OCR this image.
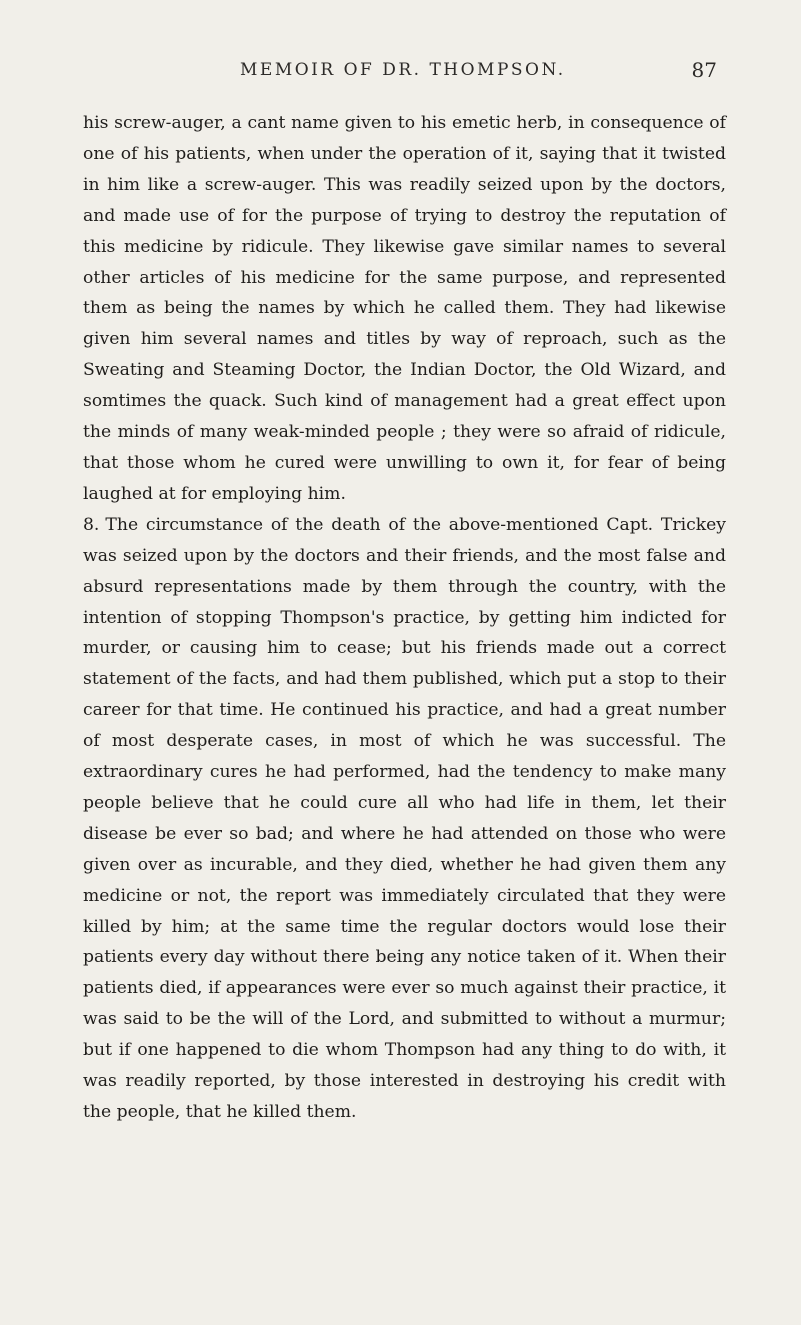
MEMOIR OF DR. THOMPSON.	87

his screw-auger, a cant name given to his emetic herb, in consequence of one of his patients, when under the operation of it, saying that it twisted in him like a screw-auger. This was readily seized upon by the doctors, and made use of for the purpose of trying to destroy the reputation of this medicine by ridicule. They likewise gave similar names to several other articles of his medicine for the same purpose, and represented them as being the names by which he called them. They had likewise given him several names and titles by way of reproach, such as the Sweating and Steaming Doctor, the Indian Doctor, the Old Wizard, and somtimes the quack. Such kind of management had a great effect upon the minds of many weak-minded people ; they were so afraid of ridicule, that those whom he cured were unwilling to own it, for fear of being laughed at for employing him.

8. The circumstance of the death of the above-mentioned Capt. Trickey was seized upon by the doctors and their friends, and the most false and absurd representations made by them through the country, with the intention of stopping Thompson's practice, by getting him indicted for murder, or causing him to cease; but his friends made out a correct statement of the facts, and had them published, which put a stop to their career for that time. He continued his practice, and had a great number of most desperate cases, in most of which he was successful. The extraordinary cures he had performed, had the tendency to make many people believe that he could cure all who had life in them, let their disease be ever so bad; and where he had attended on those who were given over as incurable, and they died, whether he had given them any medicine or not, the report was immediately circulated that they were killed by him; at the same time the regular doctors would lose their patients every day without there being any notice taken of it. When their patients died, if appearances were ever so much against their practice, it was said to be the will of the Lord, and submitted to without a murmur; but if one happened to die whom Thompson had any thing to do with, it was readily reported, by those interested in destroying his credit with the people, that he killed them.
